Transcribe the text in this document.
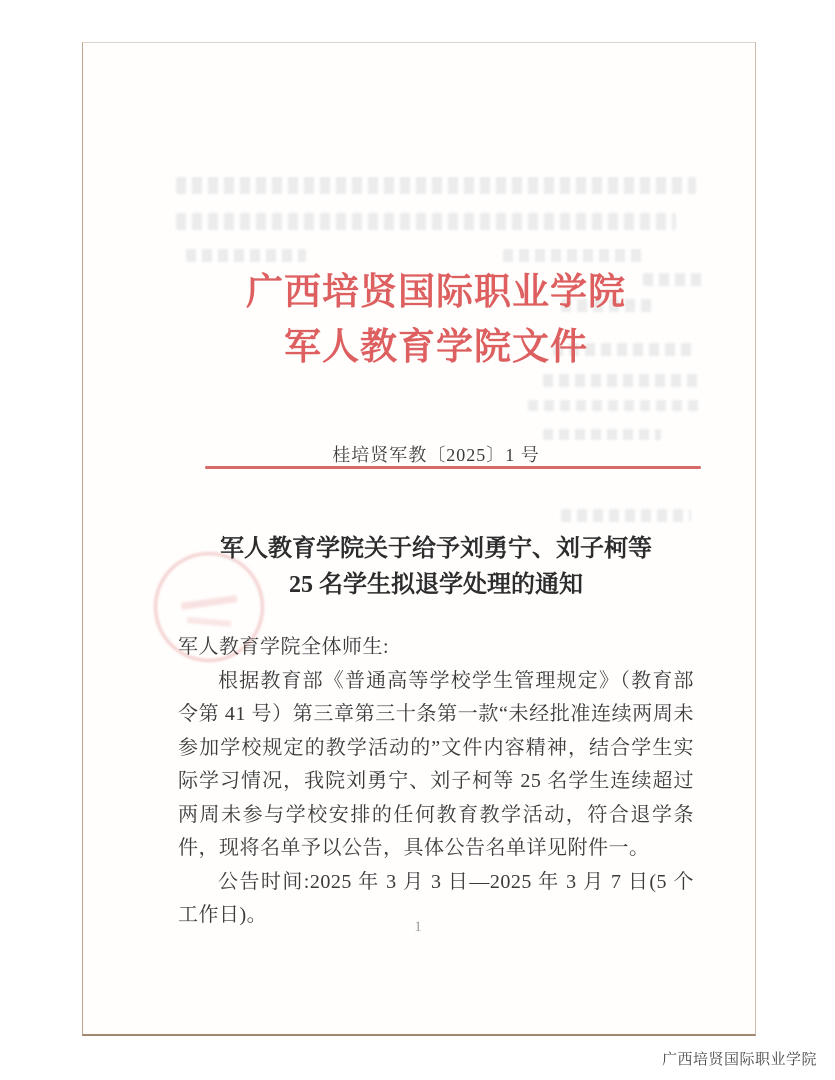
广西培贤国际职业学院
军人教育学院文件
桂培贤军教〔2025〕1 号
军人教育学院关于给予刘勇宁、刘子柯等
25 名学生拟退学处理的通知

军人教育学院全体师生:

根据教育部《普通高等学校学生管理规定》（教育部令第 41 号）第三章第三十条第一款“未经批准连续两周未参加学校规定的教学活动的”文件内容精神，结合学生实际学习情况，我院刘勇宁、刘子柯等 25 名学生连续超过两周未参与学校安排的任何教育教学活动，符合退学条件，现将名单予以公告，具体公告名单详见附件一。

公告时间:2025 年 3 月 3 日—2025 年 3 月 7 日(5 个工作日)。

1
广西培贤国际职业学院
